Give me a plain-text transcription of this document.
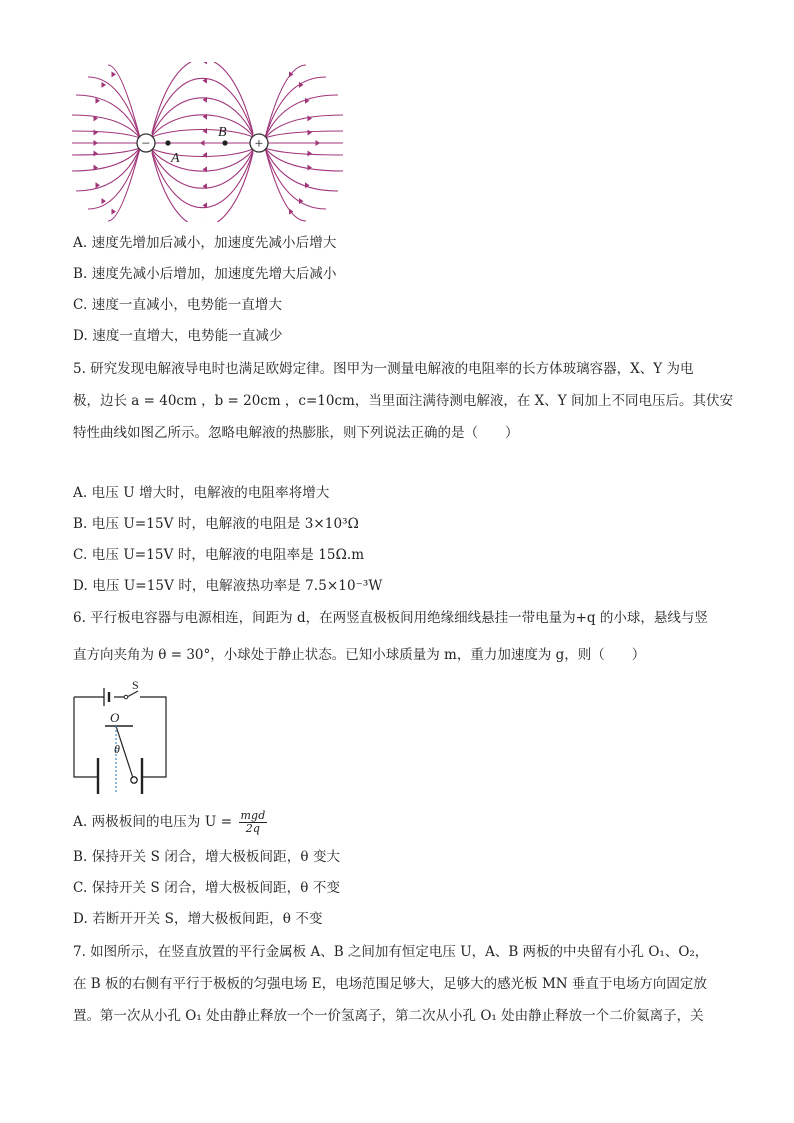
−	+
A
B
A. 速度先增加后减小，加速度先减小后增大
B. 速度先减小后增加，加速度先增大后减小
C. 速度一直减小，电势能一直增大
D. 速度一直增大，电势能一直减少
5. 研究发现电解液导电时也满足欧姆定律。图甲为一测量电解液的电阻率的长方体玻璃容器，X、Y 为电
极，边长 a = 40cm ，b = 20cm ，c=10cm，当里面注满待测电解液，在 X、Y 间加上不同电压后。其伏安
特性曲线如图乙所示。忽略电解液的热膨胀，则下列说法正确的是（　　）
A. 电压 U 增大时，电解液的电阻率将增大
B. 电压 U=15V 时，电解液的电阻是 3×10³Ω
C. 电压 U=15V 时，电解液的电阻率是 15Ω.m
D. 电压 U=15V 时，电解液热功率是 7.5×10⁻³W
6. 平行板电容器与电源相连，间距为 d，在两竖直极板间用绝缘细线悬挂一带电量为+q 的小球，悬线与竖
直方向夹角为 θ = 30°，小球处于静止状态。已知小球质量为 m，重力加速度为 g，则（　　）
S
O
θ
A. 两极板间的电压为 $U = \frac{\text{mgd}}{2q}$
B. 保持开关 S 闭合，增大极板间距，θ 变大
C. 保持开关 S 闭合，增大极板间距，θ 不变
D. 若断开开关 S，增大极板间距，θ 不变
7. 如图所示，在竖直放置的平行金属板 A、B 之间加有恒定电压 U，A、B 两板的中央留有小孔 O₁、O₂，
在 B 板的右侧有平行于极板的匀强电场 E，电场范围足够大，足够大的感光板 MN 垂直于电场方向固定放
置。第一次从小孔 O₁ 处由静止释放一个一价氢离子，第二次从小孔 O₁ 处由静止释放一个二价氦离子，关
